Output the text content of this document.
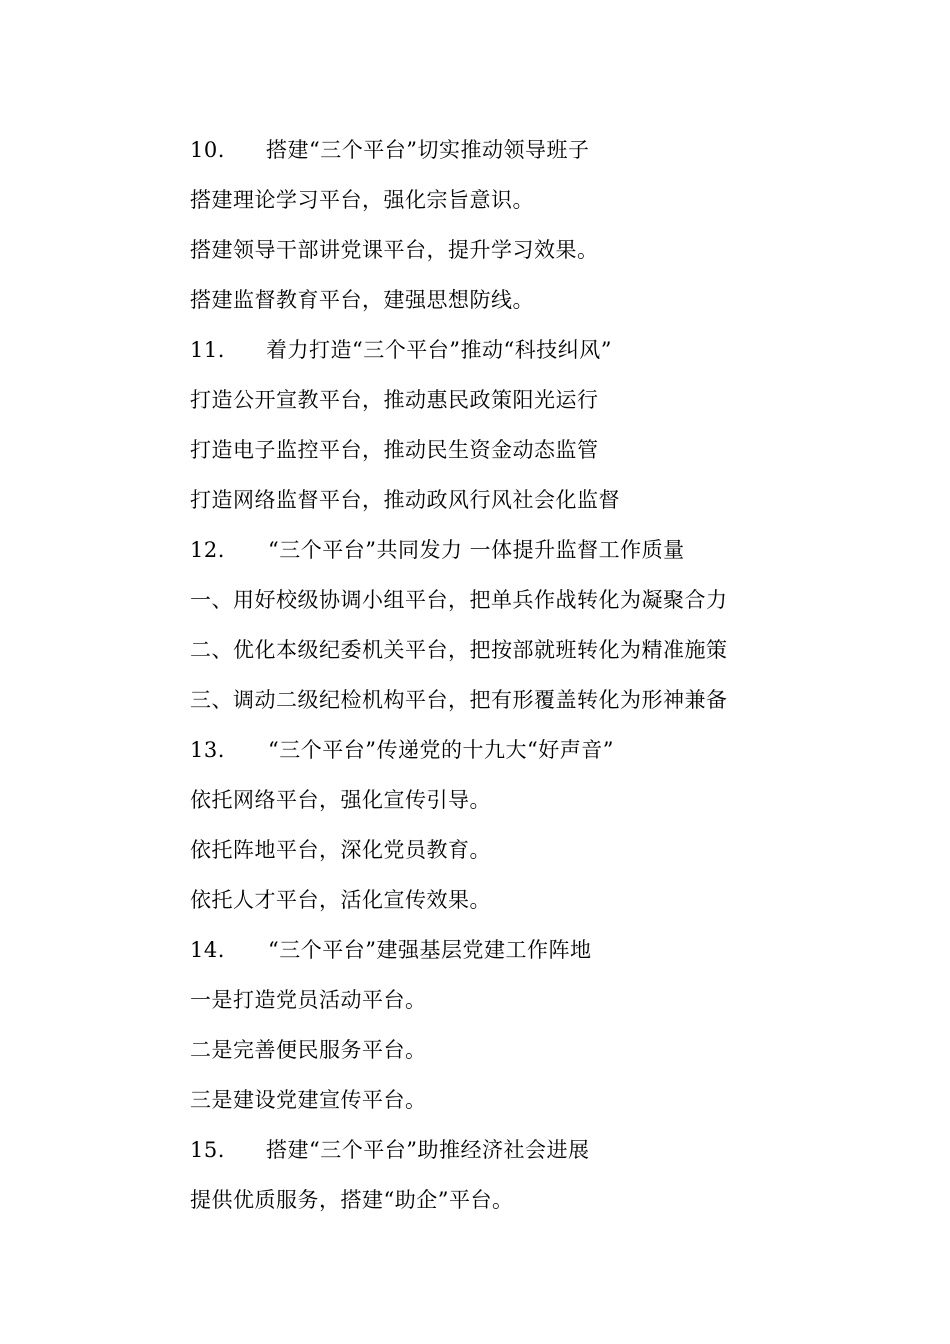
10. 搭建“三个平台”切实推动领导班子
搭建理论学习平台，强化宗旨意识。
搭建领导干部讲党课平台，提升学习效果。
搭建监督教育平台，建强思想防线。
11. 着力打造“三个平台”推动“科技纠风”
打造公开宣教平台，推动惠民政策阳光运行
打造电子监控平台，推动民生资金动态监管
打造网络监督平台，推动政风行风社会化监督
12. “三个平台”共同发力 一体提升监督工作质量
一、用好校级协调小组平台，把单兵作战转化为凝聚合力
二、优化本级纪委机关平台，把按部就班转化为精准施策
三、调动二级纪检机构平台，把有形覆盖转化为形神兼备
13. “三个平台”传递党的十九大“好声音”
依托网络平台，强化宣传引导。
依托阵地平台，深化党员教育。
依托人才平台，活化宣传效果。
14. “三个平台”建强基层党建工作阵地
一是打造党员活动平台。
二是完善便民服务平台。
三是建设党建宣传平台。
15. 搭建“三个平台”助推经济社会进展
提供优质服务，搭建“助企”平台。
